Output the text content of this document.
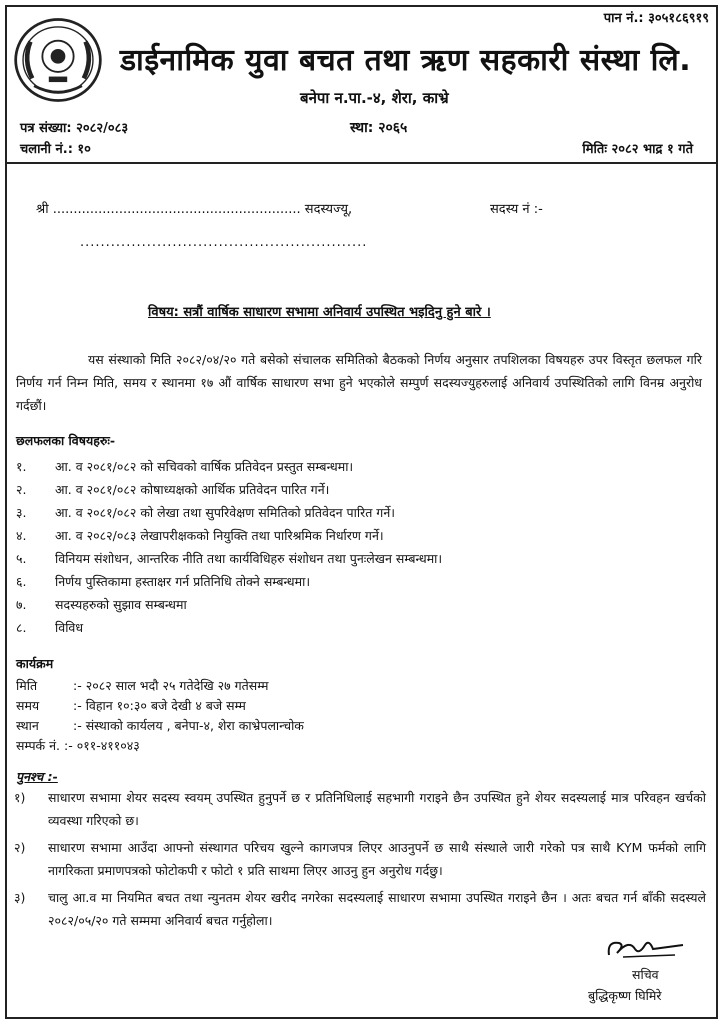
पान नं.: ३०५१८६९१९
डाईनामिक युवा बचत तथा ऋण सहकारी संस्था लि.
बनेपा न.पा.-४, शेरा, काभ्रे
पत्र संख्या: २०८२/०८३
चलानी नं.: १०
स्था: २०६५
मितिः २०८२ भाद्र १ गते
श्री ............................................................ सदस्यज्यू,	सदस्य नं :-
........................................................
विषय: सत्रौं वार्षिक साधारण सभामा अनिवार्य उपस्थित भइदिनु हुने बारे ।

यस संस्थाको मिति २०८२/०४/२० गते बसेको संचालक समितिको बैठकको निर्णय अनुसार तपशिलका विषयहरु उपर विस्तृत छलफल गरि निर्णय गर्न निम्न मिति, समय र स्थानमा १७ औं वार्षिक साधारण सभा हुने भएकोले सम्पुर्ण सदस्यज्युहरुलाई अनिवार्य उपस्थितिको लागि विनम्र अनुरोध गर्दछौं।

छलफलका विषयहरुः-
१.	आ. व २०८१/०८२ को सचिवको वार्षिक प्रतिवेदन प्रस्तुत सम्बन्धमा।
२.	आ. व २०८१/०८२ कोषाध्यक्षको आर्थिक प्रतिवेदन पारित गर्ने।
३.	आ. व २०८१/०८२ को लेखा तथा सुपरिवेक्षण समितिको प्रतिवेदन पारित गर्ने।
४.	आ. व २०८२/०८३ लेखापरीक्षकको नियुक्ति तथा पारिश्रमिक निर्धारण गर्ने।
५.	विनियम संशोधन, आन्तरिक नीति तथा कार्यविधिहरु संशोधन तथा पुनःलेखन सम्बन्धमा।
६.	निर्णय पुस्तिकामा हस्ताक्षर गर्न प्रतिनिधि तोक्ने सम्बन्धमा।
७.	सदस्यहरुको सुझाव सम्बन्धमा
८.	विविध
कार्यक्रम
मिति	:- २०८२ साल भदौ २५ गतेदेखि २७ गतेसम्म
समय	:- विहान १०:३० बजे देखी ४ बजे सम्म
स्थान	:- संस्थाको कार्यलय , बनेपा-४, शेरा काभ्रेपलान्चोक
सम्पर्क नं. :- ०११-४११०४३
पुनश्च :-
१)	साधारण सभामा शेयर सदस्य स्वयम् उपस्थित हुनुपर्ने छ र प्रतिनिधिलाई सहभागी गराइने छैन उपस्थित हुने शेयर सदस्यलाई मात्र परिवहन खर्चको व्यवस्था गरिएको छ।
२)	साधारण सभामा आउँदा आफ्नो संस्थागत परिचय खुल्ने कागजपत्र लिएर आउनुपर्ने छ साथै संस्थाले जारी गरेको पत्र साथै KYM फर्मको लागि नागरिकता प्रमाणपत्रको फोटोकपी र फोटो १ प्रति साथमा लिएर आउनु हुन अनुरोध गर्दछु।
३)	चालु आ.व मा नियमित बचत तथा न्युनतम शेयर खरीद नगरेका सदस्यलाई साधारण सभामा उपस्थित गराइने छैन । अतः बचत गर्न बाँकी सदस्यले २०८२/०५/२० गते सम्ममा अनिवार्य बचत गर्नुहोला।
सचिव
बुद्धिकृष्ण घिमिरे
